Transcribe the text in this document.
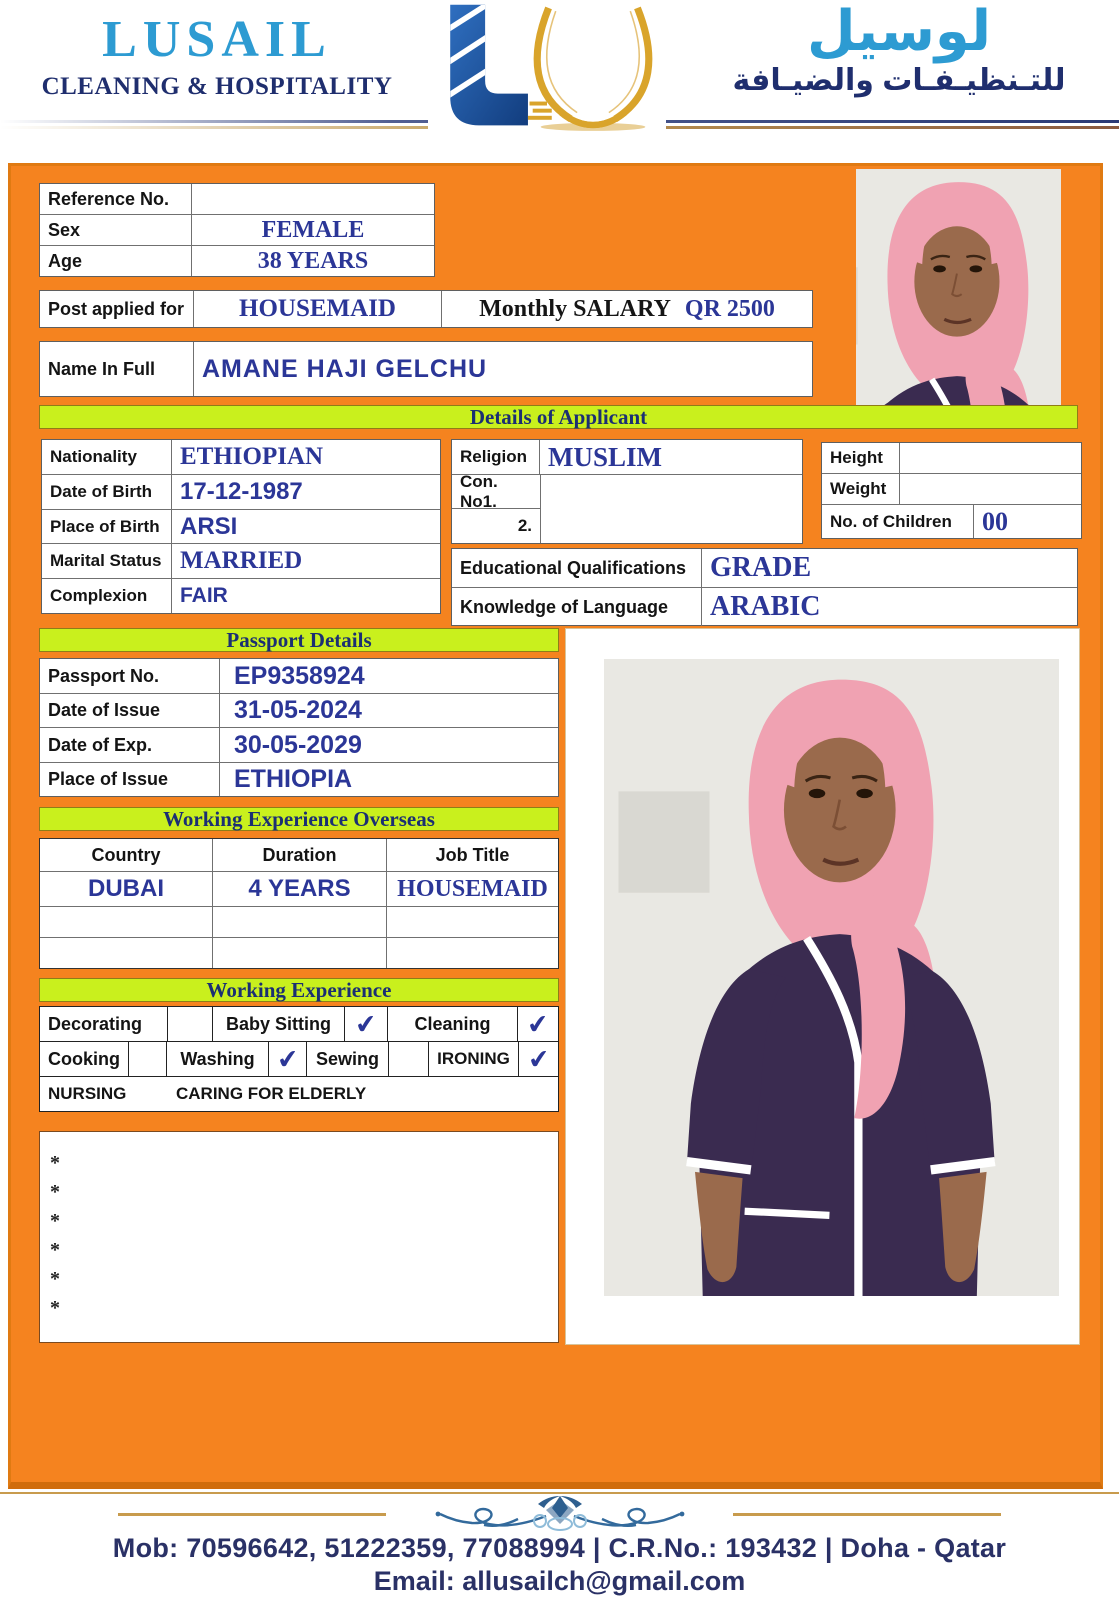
LUSAIL
CLEANING & HOSPITALITY
لوسيل
للتـنظيـفـات والضيـافة
Reference No.
Sex	FEMALE
Age	38 YEARS
Post applied for HOUSEMAID	Monthly SALARY QR 2500
Name In Full AMANE HAJI GELCHU
Details of Applicant
Nationality ETHIOPIAN
Date of Birth 17-12-1987
Place of Birth ARSI
Marital Status MARRIED
Complexion FAIR
Religion MUSLIM
Con. No1.
2.
Height
Weight
No. of Children 00
Educational Qualifications GRADE
Knowledge of Language ARABIC
Passport Details
Passport No.	EP9358924
Date of Issue	31-05-2024
Date of Exp.	30-05-2029
Place of Issue	ETHIOPIA
Working Experience Overseas
Country	Duration	Job Title
DUBAI	4 YEARS HOUSEMAID
Working Experience
Decorating	Baby Sitting ✔ Cleaning ✔
Cooking	Washing ✔ Sewing	IRONING ✔
NURSING	CARING FOR ELDERLY
*
*
*
*
*
*
Mob: 70596642, 51222359, 77088994 | C.R.No.: 193432 | Doha - Qatar
Email: allusailch@gmail.com
